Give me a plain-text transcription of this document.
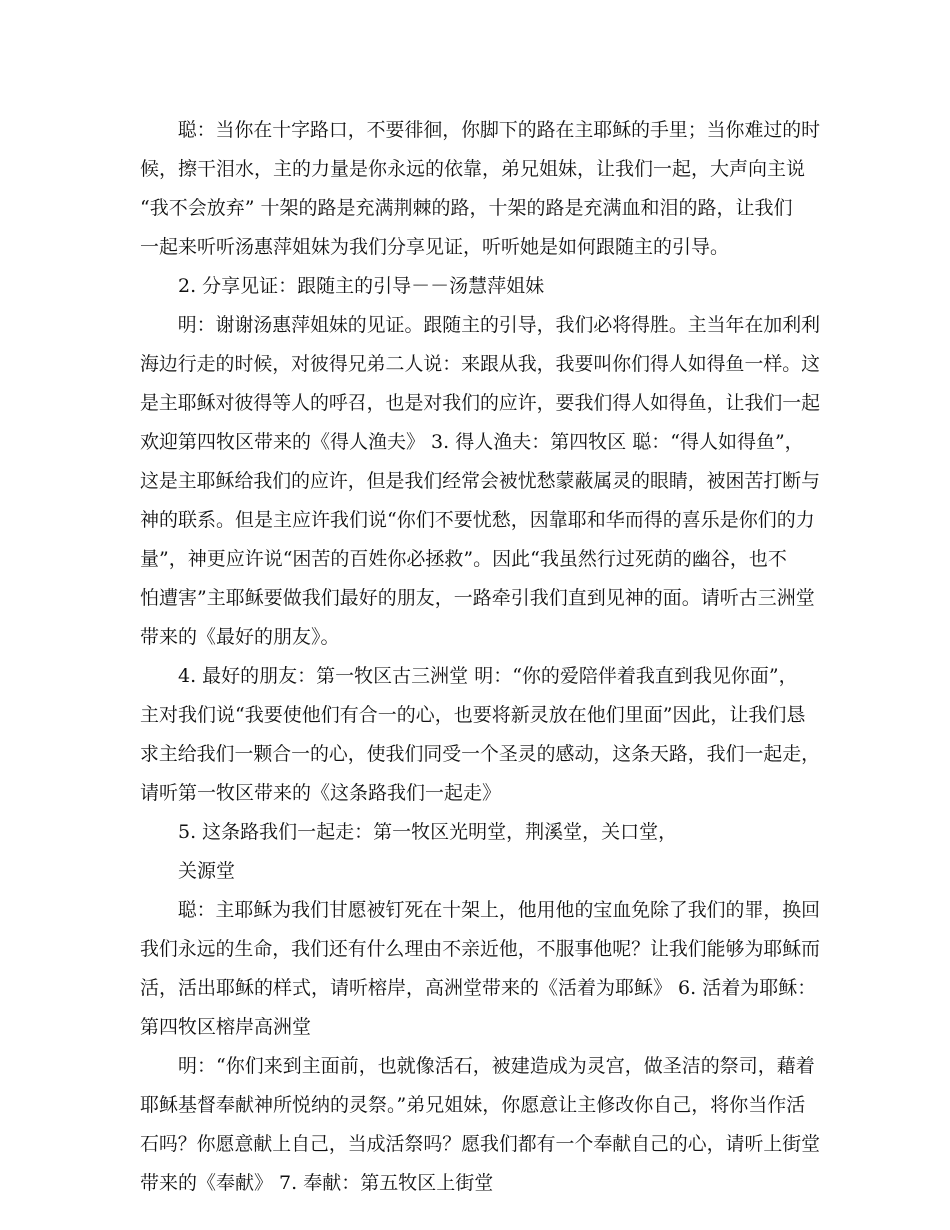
　　聪：当你在十字路口，不要徘徊，你脚下的路在主耶稣的手里；当你难过的时
候，擦干泪水，主的力量是你永远的依靠，弟兄姐妹，让我们一起，大声向主说
“我不会放弃” 十架的路是充满荆棘的路，十架的路是充满血和泪的路，让我们
一起来听听汤惠萍姐妹为我们分享见证，听听她是如何跟随主的引导。
　　2. 分享见证：跟随主的引导－－汤慧萍姐妹
　　明：谢谢汤惠萍姐妹的见证。跟随主的引导，我们必将得胜。主当年在加利利
海边行走的时候，对彼得兄弟二人说：来跟从我，我要叫你们得人如得鱼一样。这
是主耶稣对彼得等人的呼召，也是对我们的应许，要我们得人如得鱼，让我们一起
欢迎第四牧区带来的《得人渔夫》 3. 得人渔夫：第四牧区 聪：“得人如得鱼”，
这是主耶稣给我们的应许，但是我们经常会被忧愁蒙蔽属灵的眼睛，被困苦打断与
神的联系。但是主应许我们说“你们不要忧愁，因靠耶和华而得的喜乐是你们的力
量”，神更应许说“困苦的百姓你必拯救”。因此“我虽然行过死荫的幽谷，也不
怕遭害”主耶稣要做我们最好的朋友，一路牵引我们直到见神的面。请听古三洲堂
带来的《最好的朋友》。
　　4. 最好的朋友：第一牧区古三洲堂 明：“你的爱陪伴着我直到我见你面”，
主对我们说“我要使他们有合一的心，也要将新灵放在他们里面”因此，让我们恳
求主给我们一颗合一的心，使我们同受一个圣灵的感动，这条天路，我们一起走，
请听第一牧区带来的《这条路我们一起走》
　　5. 这条路我们一起走：第一牧区光明堂，荆溪堂，关口堂，
　　关源堂
　　聪：主耶稣为我们甘愿被钉死在十架上，他用他的宝血免除了我们的罪，换回
我们永远的生命，我们还有什么理由不亲近他，不服事他呢？让我们能够为耶稣而
活，活出耶稣的样式，请听榕岸，高洲堂带来的《活着为耶稣》 6. 活着为耶稣：
第四牧区榕岸高洲堂
　　明：“你们来到主面前，也就像活石，被建造成为灵宫，做圣洁的祭司，藉着
耶稣基督奉献神所悦纳的灵祭。”弟兄姐妹，你愿意让主修改你自己，将你当作活
石吗？你愿意献上自己，当成活祭吗？愿我们都有一个奉献自己的心，请听上街堂
带来的《奉献》 7. 奉献：第五牧区上街堂
